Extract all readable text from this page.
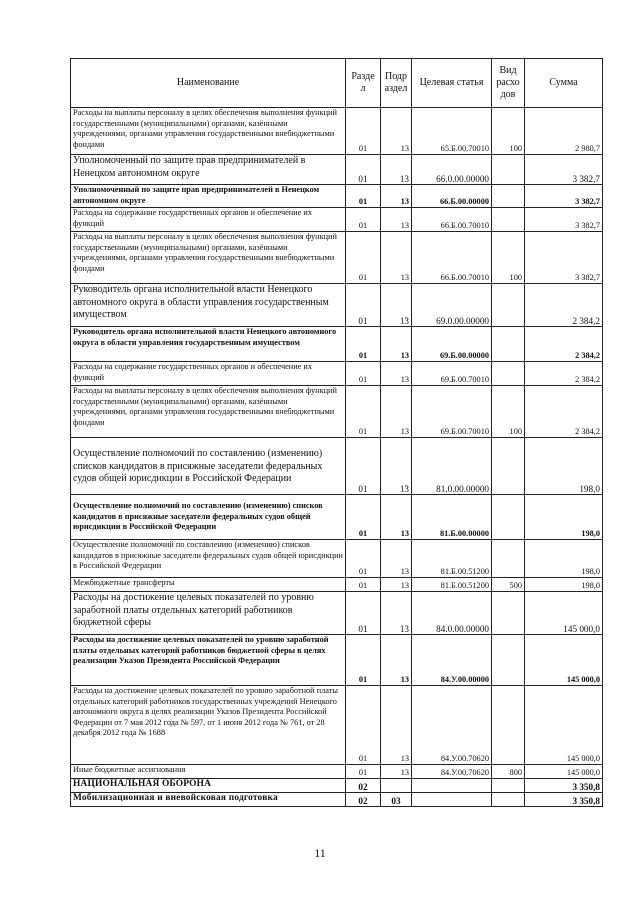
Наименование	Разде л	Подр аздел	Целевая статья	Вид расхо дов	Сумма
Расходы на выплаты персоналу в целях обеспечения выполнения функций государственными (муниципальными) органами, казёнными учреждениями, органами управления государственными внебюджетными фондами	01	13	65.Б.00.70010	100	2 980,7
Уполномоченный по защите прав предпринимателей в Ненецком автономном округе	01	13	66.0.00.00000		3 382,7
Уполномоченный по защите прав предпринимателей в Ненецком автономном округе	01	13	66.Б.00.00000		3 382,7
Расходы на содержание государственных органов и обеспечение их функций	01	13	66.Б.00.70010		3 382,7
Расходы на выплаты персоналу в целях обеспечения выполнения функций государственными (муниципальными) органами, казёнными учреждениями, органами управления государственными внебюджетными фондами	01	13	66.Б.00.70010	100	3 382,7
Руководитель органа исполнительной власти Ненецкого автономного округа в области управления государственным имуществом	01	13	69.0.00.00000		2 384,2
Руководитель органа исполнительной власти Ненецкого автономного округа в области управления государственным имуществом	01	13	69.Б.00.00000		2 384,2
Расходы на содержание государственных органов и обеспечение их функций	01	13	69.Б.00.70010		2 384,2
Расходы на выплаты персоналу в целях обеспечения выполнения функций государственными (муниципальными) органами, казёнными учреждениями, органами управления государственными внебюджетными фондами	01	13	69.Б.00.70010	100	2 384,2
Осуществление полномочий по составлению (изменению) списков кандидатов в присяжные заседатели федеральных судов общей юрисдикции в Российской Федерации	01	13	81.0.00.00000		198,0
Осуществление полномочий по составлению (изменению) списков кандидатов в присяжные заседатели федеральных судов общей юрисдикции в Российской Федерации	01	13	81.Б.00.00000		198,0
Осуществление полномочий по составлению (изменению) списков кандидатов в присяжные заседатели федеральных судов общей юрисдикции в Российской Федерации	01	13	81.Б.00.51200		198,0
Межбюджетные трансферты	01	13	81.Б.00.51200	500	198,0
Расходы на достижение целевых показателей по уровню заработной платы отдельных категорий работников бюджетной сферы	01	13	84.0.00.00000		145 000,0
Расходы на достижение целевых показателей по уровню заработной платы отдельных категорий работников бюджетной сферы в целях реализации Указов Президента Российской Федерации	01	13	84.У.00.00000		145 000,0
Расходы на достижение целевых показателей по уровню заработной платы отдельных категорий работников государственных учреждений Ненецкого автономного округа в целях реализации Указов Президента Российской Федерации от 7 мая 2012 года № 597, от 1 июня 2012 года № 761, от 28 декабря 2012 года № 1688	01	13	84.У.00.70620		145 000,0
Иные бюджетные ассигнования	01	13	84.У.00.70620	800	145 000,0
НАЦИОНАЛЬНАЯ ОБОРОНА	02				3 350,8
Мобилизационная и вневойсковая подготовка	02	03			3 350,8
11
